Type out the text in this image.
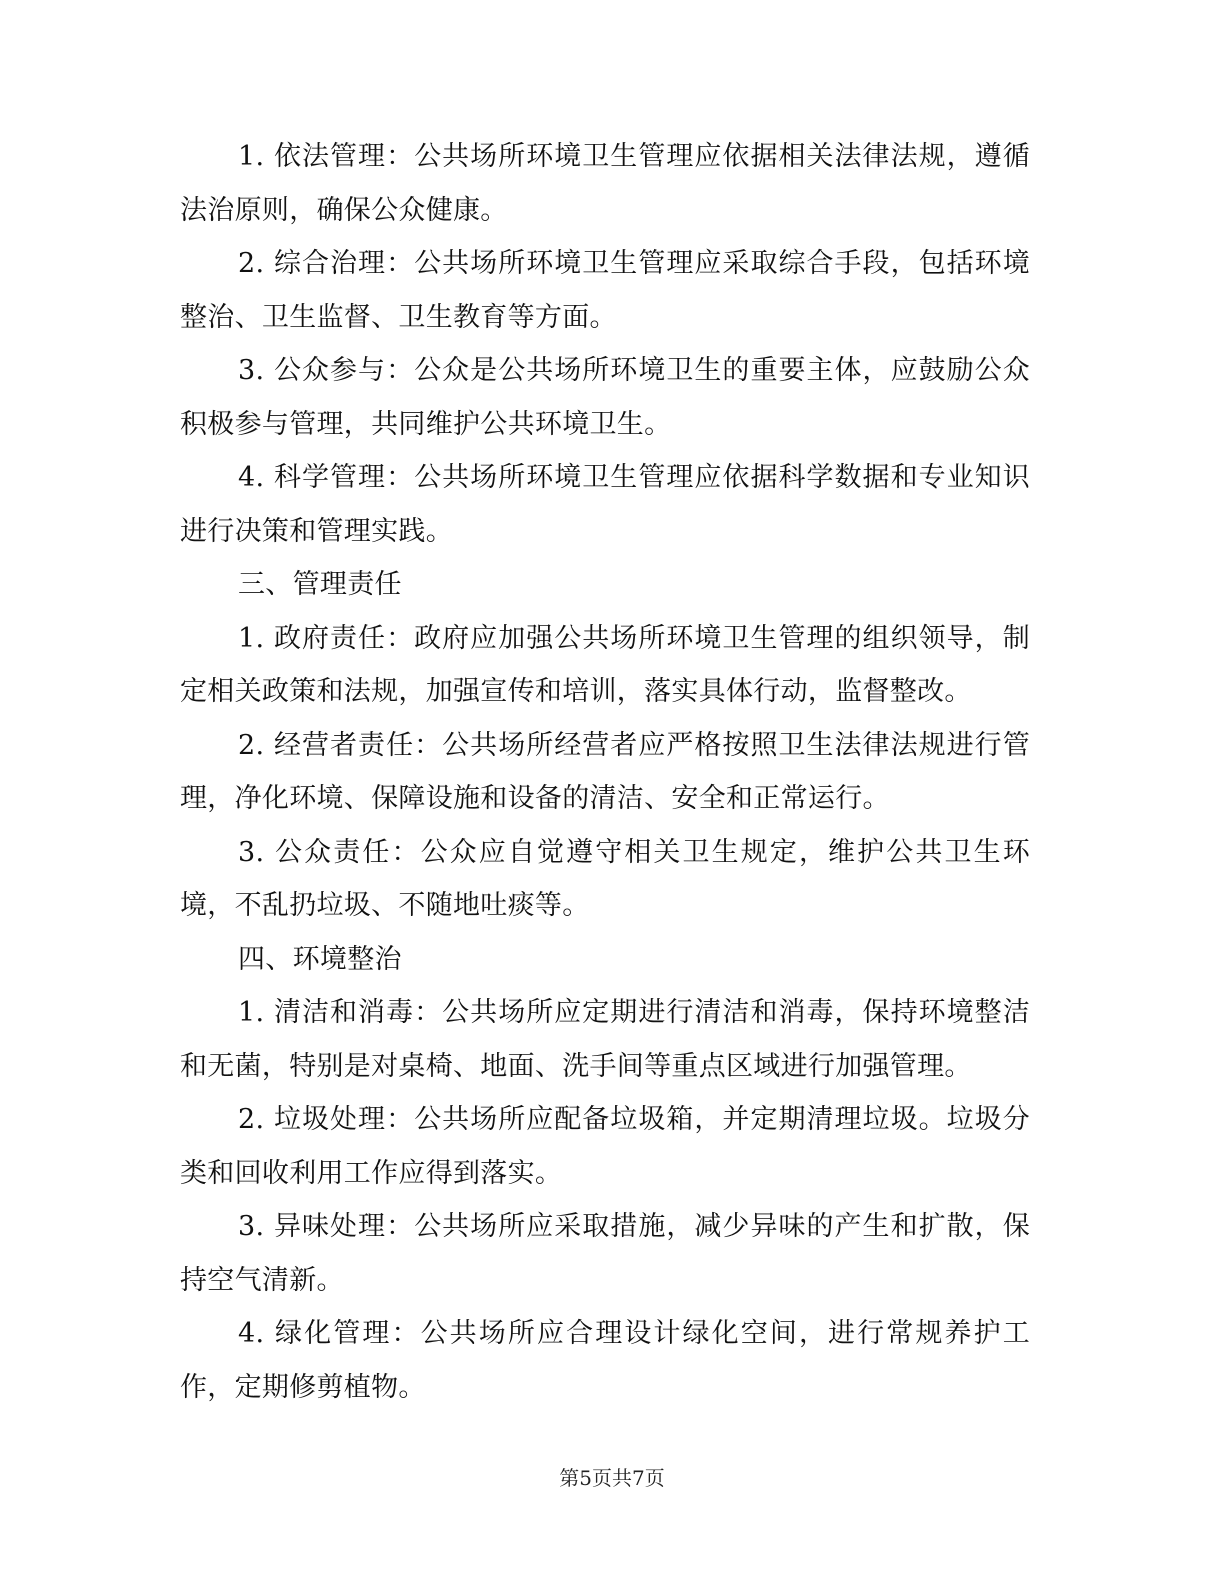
1. 依法管理：公共场所环境卫生管理应依据相关法律法规，遵循法治原则，确保公众健康。

2. 综合治理：公共场所环境卫生管理应采取综合手段，包括环境整治、卫生监督、卫生教育等方面。

3. 公众参与：公众是公共场所环境卫生的重要主体，应鼓励公众积极参与管理，共同维护公共环境卫生。

4. 科学管理：公共场所环境卫生管理应依据科学数据和专业知识进行决策和管理实践。

三、管理责任

1. 政府责任：政府应加强公共场所环境卫生管理的组织领导，制定相关政策和法规，加强宣传和培训，落实具体行动，监督整改。

2. 经营者责任：公共场所经营者应严格按照卫生法律法规进行管理，净化环境、保障设施和设备的清洁、安全和正常运行。

3. 公众责任：公众应自觉遵守相关卫生规定，维护公共卫生环境，不乱扔垃圾、不随地吐痰等。

四、环境整治

1. 清洁和消毒：公共场所应定期进行清洁和消毒，保持环境整洁和无菌，特别是对桌椅、地面、洗手间等重点区域进行加强管理。

2. 垃圾处理：公共场所应配备垃圾箱，并定期清理垃圾。垃圾分类和回收利用工作应得到落实。

3. 异味处理：公共场所应采取措施，减少异味的产生和扩散，保持空气清新。

4. 绿化管理：公共场所应合理设计绿化空间，进行常规养护工作，定期修剪植物。

第5页共7页
